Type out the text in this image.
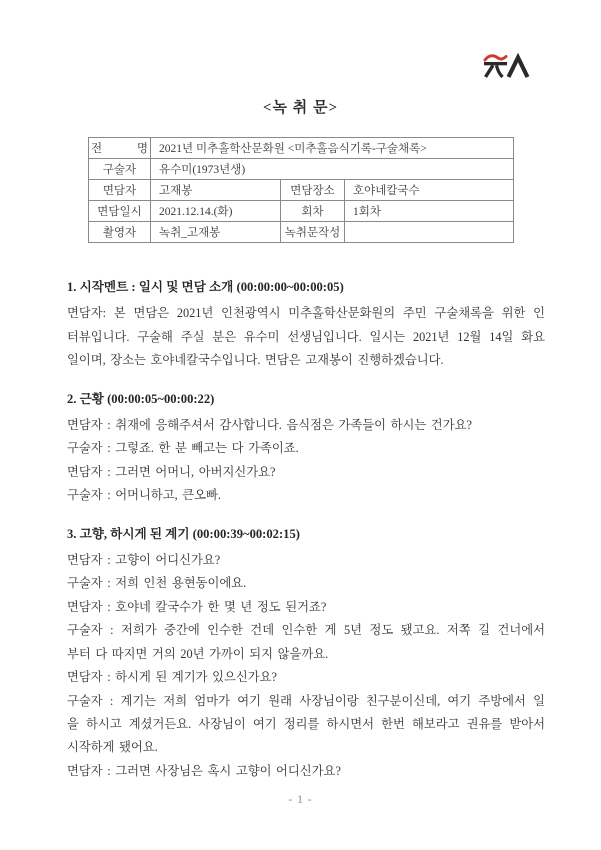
<녹 취 문>
전 명	2021년 미추홀학산문화원 <미추홀음식기록-구술채록>		
구술자	유수미(1973년생)		
면담자	고재봉	면담장소	호야네칼국수
면담일시	2021.12.14.(화)	회차	1회차
촬영자	녹취_고재봉	녹취문작성	
1. 시작멘트 : 일시 및 면담 소개 (00:00:00~00:00:05)
면담자: 본 면담은 2021년 인천광역시 미추홀학산문화원의 주민 구술채록을 위한 인
터뷰입니다. 구술해 주실 분은 유수미 선생님입니다. 일시는 2021년 12월 14일 화요
일이며, 장소는 호야네칼국수입니다. 면담은 고재봉이 진행하겠습니다.
2. 근황 (00:00:05~00:00:22)
면담자 : 취재에 응해주셔서 감사합니다. 음식점은 가족들이 하시는 건가요?
구술자 : 그렇죠. 한 분 빼고는 다 가족이죠.
면담자 : 그러면 어머니, 아버지신가요?
구술자 : 어머니하고, 큰오빠.
3. 고향, 하시게 된 계기 (00:00:39~00:02:15)
면담자 : 고향이 어디신가요?
구술자 : 저희 인천 용현동이에요.
면담자 : 호야네 칼국수가 한 몇 년 정도 된거죠?
구술자 : 저희가 중간에 인수한 건데 인수한 게 5년 정도 됐고요. 저쪽 길 건너에서
부터 다 따지면 거의 20년 가까이 되지 않을까요.
면담자 : 하시게 된 계기가 있으신가요?
구술자 : 계기는 저희 엄마가 여기 원래 사장님이랑 친구분이신데, 여기 주방에서 일
을 하시고 계셨거든요. 사장님이 여기 정리를 하시면서 한번 해보라고 권유를 받아서
시작하게 됐어요.
면담자 : 그러면 사장님은 혹시 고향이 어디신가요?
- 1 -
